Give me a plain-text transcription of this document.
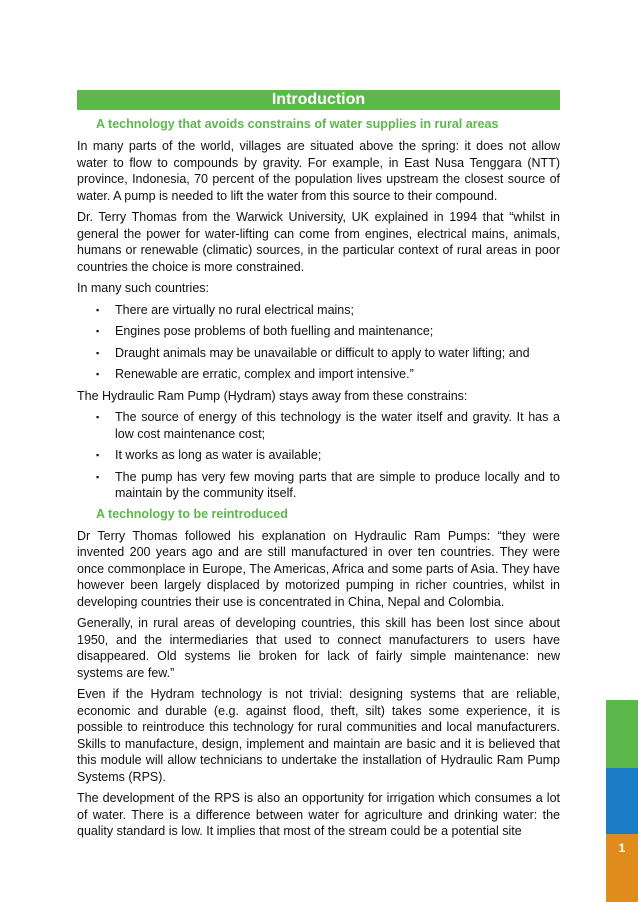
Introduction
A technology that avoids constrains of water supplies in rural areas

In many parts of the world, villages are situated above the spring: it does not allow water to flow to compounds by gravity. For example, in East Nusa Tenggara (NTT) province, Indonesia, 70 percent of the population lives upstream the closest source of water. A pump is needed to lift the water from this source to their compound.

Dr. Terry Thomas from the Warwick University, UK explained in 1994 that “whilst in general the power for water-lifting can come from engines, electrical mains, animals, humans or renewable (climatic) sources, in the particular context of rural areas in poor countries the choice is more constrained.

In many such countries:

▪ There are virtually no rural electrical mains;
▪ Engines pose problems of both fuelling and maintenance;
▪ Draught animals may be unavailable or difficult to apply to water lifting; and
▪ Renewable are erratic, complex and import intensive.”

The Hydraulic Ram Pump (Hydram) stays away from these constrains:

▪ The source of energy of this technology is the water itself and gravity. It has a low cost maintenance cost;
▪ It works as long as water is available;
▪ The pump has very few moving parts that are simple to produce locally and to maintain by the community itself.
A technology to be reintroduced

Dr Terry Thomas followed his explanation on Hydraulic Ram Pumps: “they were invented 200 years ago and are still manufactured in over ten countries. They were once commonplace in Europe, The Americas, Africa and some parts of Asia. They have however been largely displaced by motorized pumping in richer countries, whilst in developing countries their use is concentrated in China, Nepal and Colombia.

Generally, in rural areas of developing countries, this skill has been lost since about 1950, and the intermediaries that used to connect manufacturers to users have disappeared. Old systems lie broken for lack of fairly simple maintenance: new systems are few.”

Even if the Hydram technology is not trivial: designing systems that are reliable, economic and durable (e.g. against flood, theft, silt) takes some experience, it is possible to reintroduce this technology for rural communities and local manufacturers. Skills to manufacture, design, implement and maintain are basic and it is believed that this module will allow technicians to undertake the installation of Hydraulic Ram Pump Systems (RPS).

The development of the RPS is also an opportunity for irrigation which consumes a lot of water. There is a difference between water for agriculture and drinking water: the quality standard is low. It implies that most of the stream could be a potential site

1
